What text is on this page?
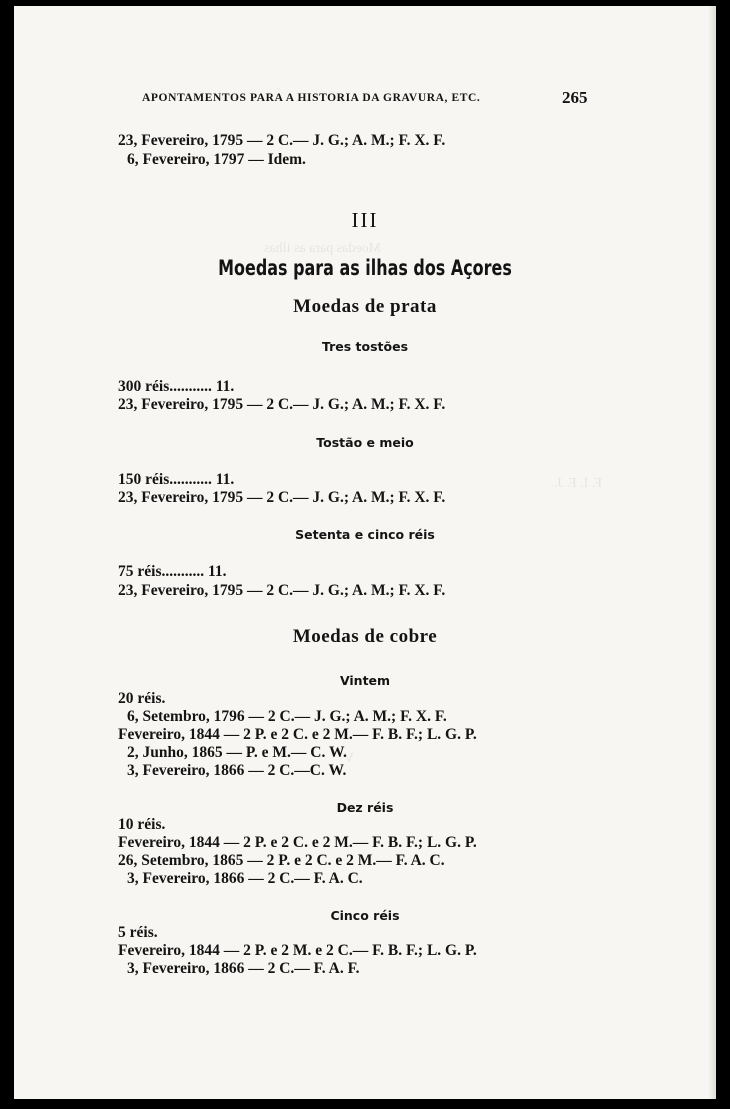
Moedas para as ilhas
F. I. F. J.
V
APONTAMENTOS PARA A HISTORIA DA GRAVURA, ETC.	265
23, Fevereiro, 1795 — 2 C.— J. G.; A. M.; F. X. F.
6, Fevereiro, 1797 — Idem.
III
Moedas para as ilhas dos Açores
Moedas de prata
Tres tostões
300 réis........... 11.
23, Fevereiro, 1795 — 2 C.— J. G.; A. M.; F. X. F.
Tostão e meio
150 réis........... 11.
23, Fevereiro, 1795 — 2 C.— J. G.; A. M.; F. X. F.
Setenta e cinco réis
75 réis........... 11.
23, Fevereiro, 1795 — 2 C.— J. G.; A. M.; F. X. F.
Moedas de cobre
Vintem
20 réis.
6, Setembro, 1796 — 2 C.— J. G.; A. M.; F. X. F.
Fevereiro, 1844 — 2 P. e 2 C. e 2 M.— F. B. F.; L. G. P.
2, Junho, 1865 — P. e M.— C. W.
3, Fevereiro, 1866 — 2 C.—C. W.
Dez réis
10 réis.
Fevereiro, 1844 — 2 P. e 2 C. e 2 M.— F. B. F.; L. G. P.
26, Setembro, 1865 — 2 P. e 2 C. e 2 M.— F. A. C.
3, Fevereiro, 1866 — 2 C.— F. A. C.
Cinco réis
5 réis.
Fevereiro, 1844 — 2 P. e 2 M. e 2 C.— F. B. F.; L. G. P.
3, Fevereiro, 1866 — 2 C.— F. A. F.
